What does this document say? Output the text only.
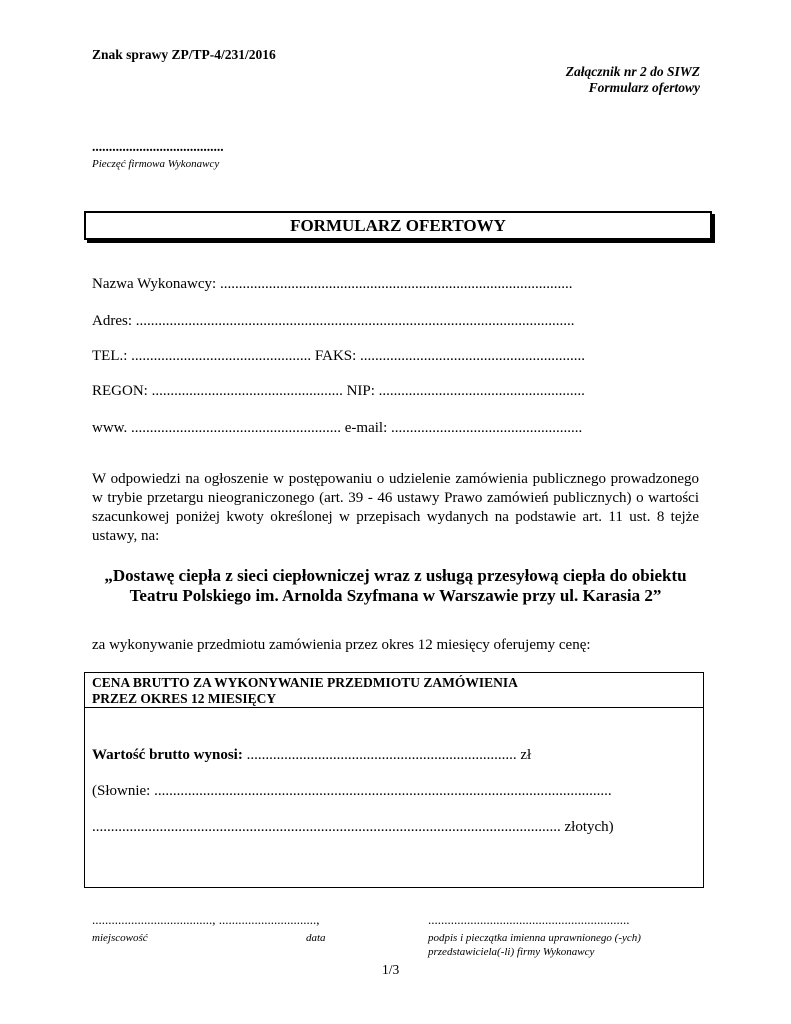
Znak sprawy ZP/TP-4/231/2016
Załącznik nr 2 do SIWZ
Formularz ofertowy
.......................................
Pieczęć firmowa Wykonawcy
FORMULARZ OFERTOWY
Nazwa Wykonawcy: ..............................................................................................
Adres: .....................................................................................................................
TEL.: ................................................ FAKS: ............................................................
REGON: ................................................... NIP: .......................................................
www. ........................................................ e-mail: ...................................................
W odpowiedzi na ogłoszenie w postępowaniu o udzielenie zamówienia publicznego prowadzonego w trybie przetargu nieograniczonego (art. 39 - 46 ustawy Prawo zamówień publicznych) o wartości szacunkowej poniżej kwoty określonej w przepisach wydanych na podstawie art. 11 ust. 8 tejże ustawy, na:
„Dostawę ciepła z sieci ciepłowniczej wraz z usługą przesyłową ciepła do obiektu
Teatru Polskiego im. Arnolda Szyfmana w Warszawie przy ul. Karasia 2”
za wykonywanie przedmiotu zamówienia przez okres 12 miesięcy oferujemy cenę:
CENA BRUTTO ZA WYKONYWANIE PRZEDMIOTU ZAMÓWIENIA
PRZEZ OKRES 12 MIESIĘCY
Wartość brutto wynosi: ........................................................................ zł
(Słownie: ..........................................................................................................................
............................................................................................................................. złotych)
....................................., ..............................,	..............................................................
miejscowość	data	podpis i pieczątka imienna uprawnionego (-ych)
przedstawiciela(-li) firmy Wykonawcy
1/3
